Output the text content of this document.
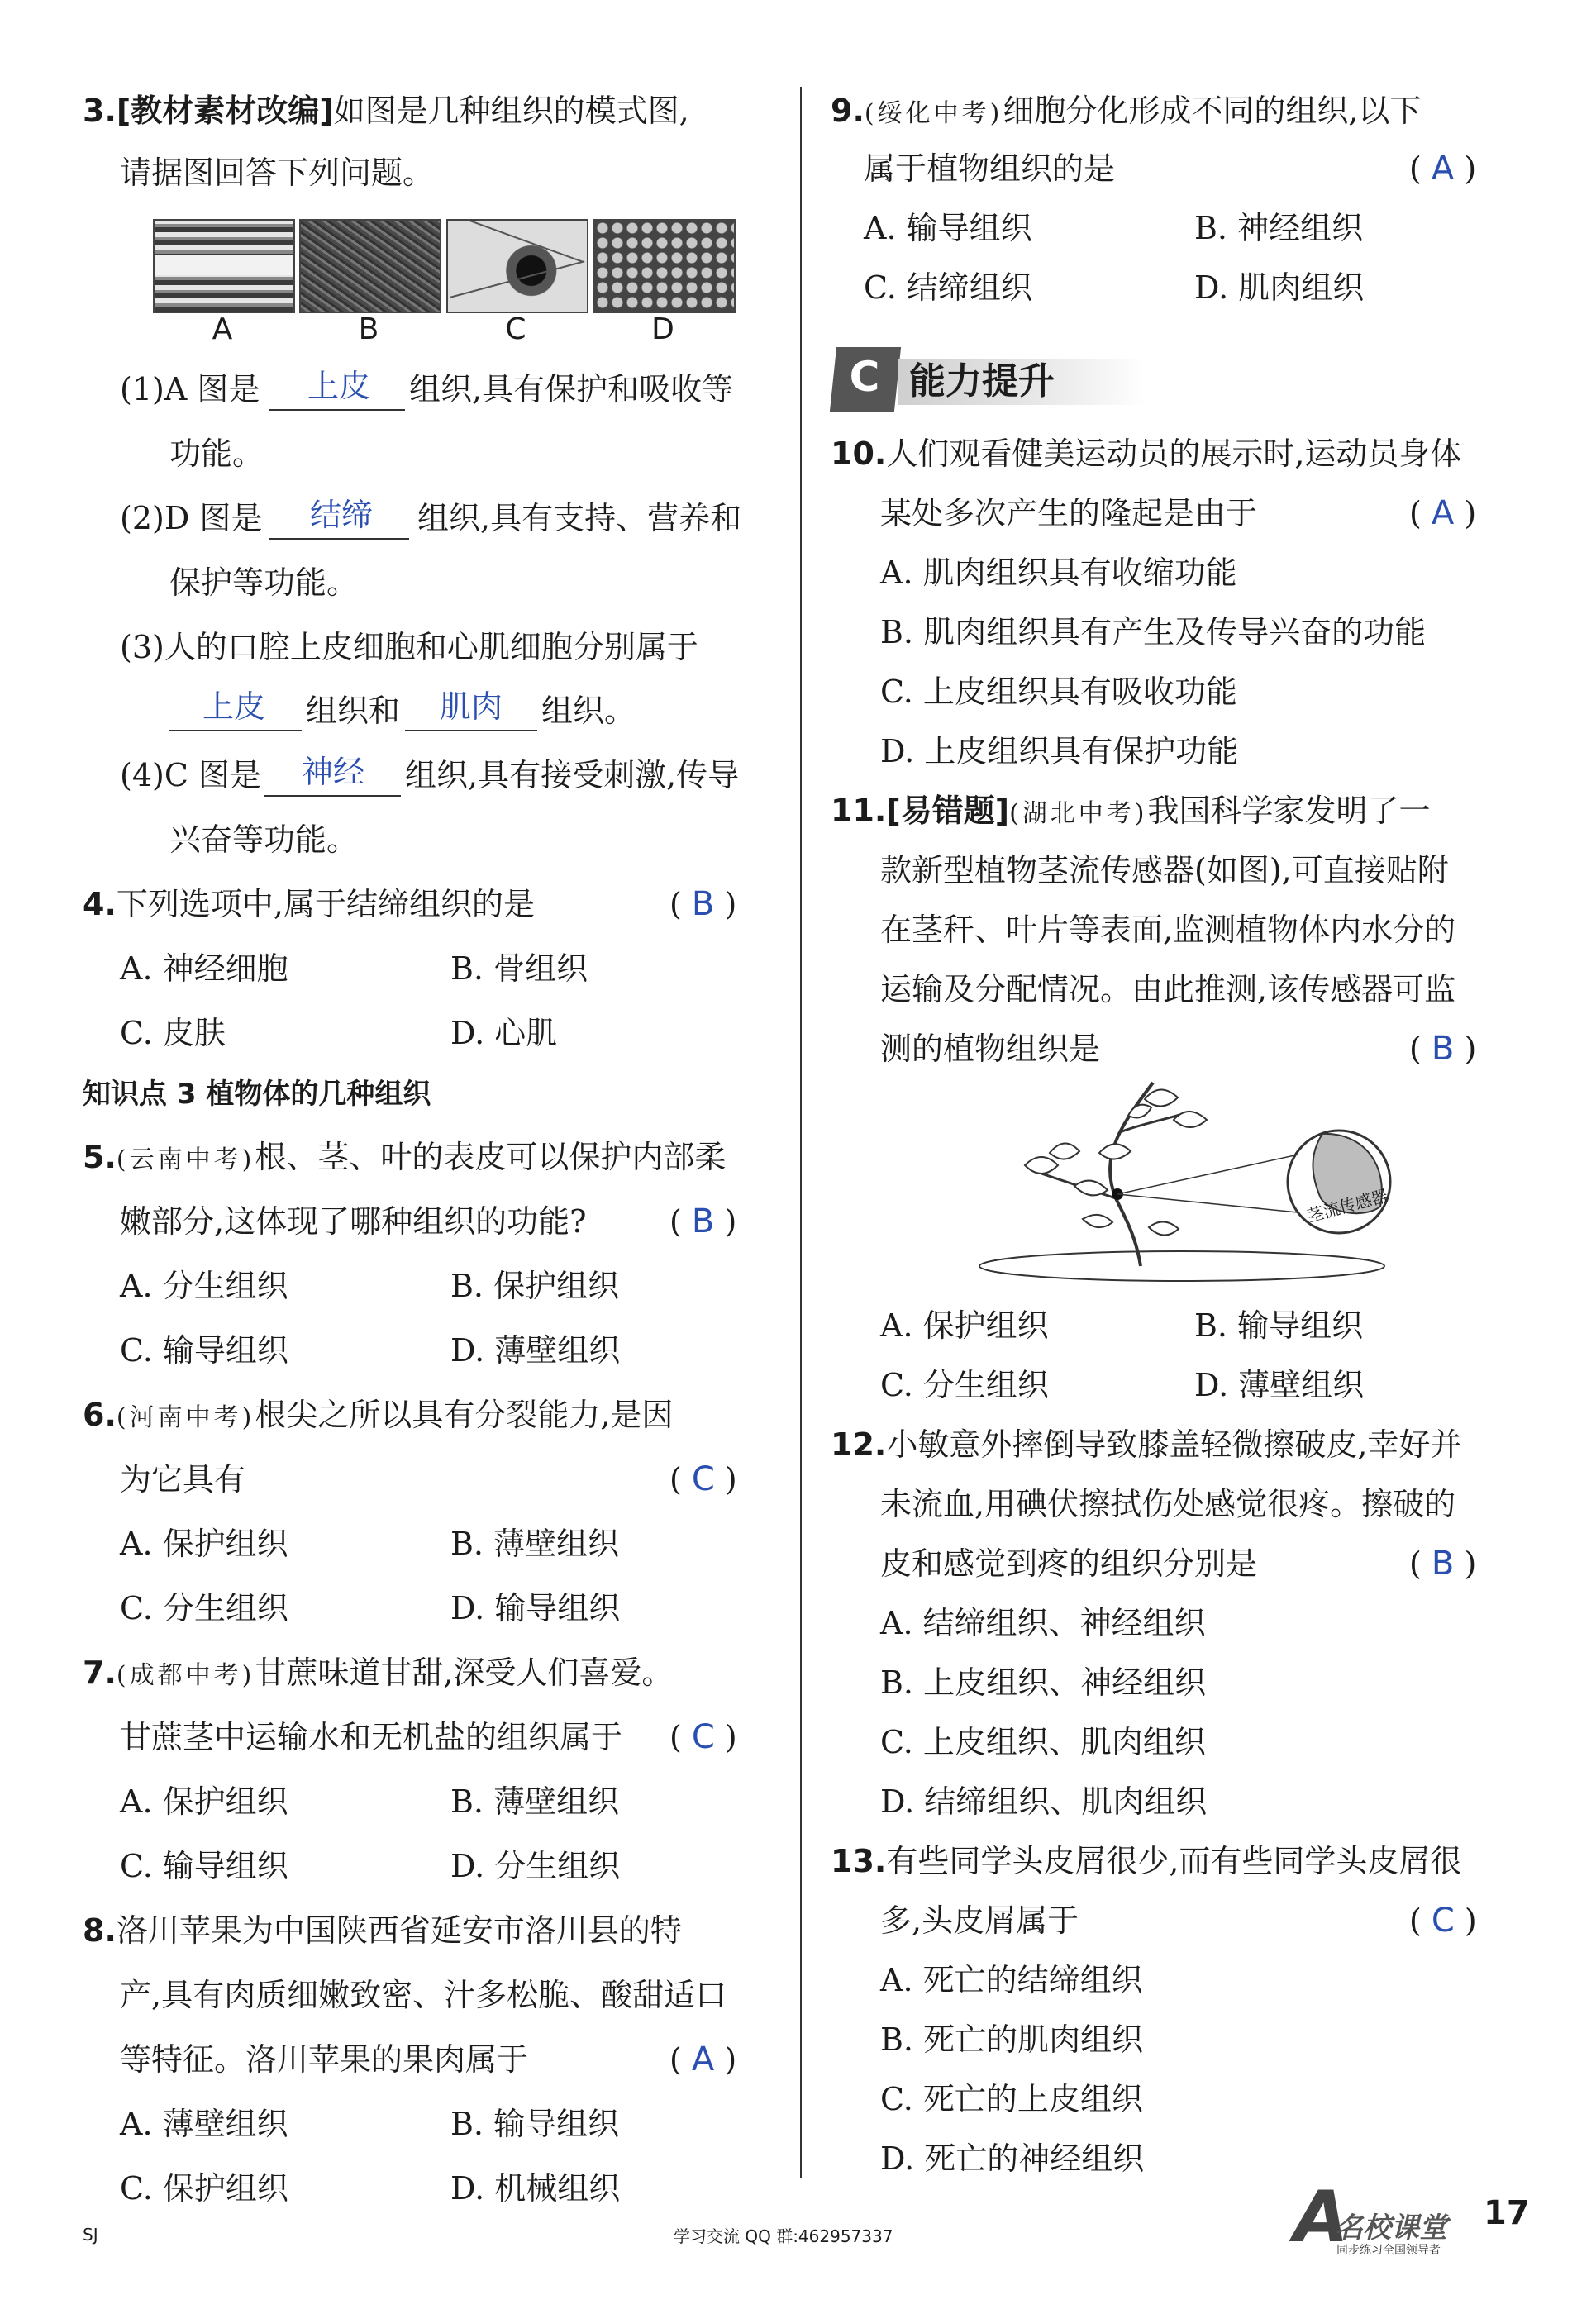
3.[教材素材改编]如图是几种组织的模式图,
请据图回答下列问题。
A	B	C	D
(1)A 图是 上皮 组织,具有保护和吸收等
功能。
(2)D 图是 结缔 组织,具有支持、营养和
保护等功能。
(3)人的口腔上皮细胞和心肌细胞分别属于
上皮 组织和 肌肉 组织。
(4)C 图是 神经 组织,具有接受刺激,传导
兴奋等功能。
4.下列选项中,属于结缔组织的是	( B )
A. 神经细胞	B. 骨组织
C. 皮肤	D. 心肌
知识点 3 植物体的几种组织
5.(云南中考)根、茎、叶的表皮可以保护内部柔
嫩部分,这体现了哪种组织的功能?	( B )
A. 分生组织	B. 保护组织
C. 输导组织	D. 薄壁组织
6.(河南中考)根尖之所以具有分裂能力,是因
为它具有	( C )
A. 保护组织	B. 薄壁组织
C. 分生组织	D. 输导组织
7.(成都中考)甘蔗味道甘甜,深受人们喜爱。
甘蔗茎中运输水和无机盐的组织属于 ( C )
A. 保护组织	B. 薄壁组织
C. 输导组织	D. 分生组织
8.洛川苹果为中国陕西省延安市洛川县的特
产,具有肉质细嫩致密、汁多松脆、酸甜适口
等特征。洛川苹果的果肉属于	( A )
A. 薄壁组织	B. 输导组织
C. 保护组织	D. 机械组织
9.(绥化中考)细胞分化形成不同的组织,以下
属于植物组织的是	( A )
A. 输导组织	B. 神经组织
C. 结缔组织	D. 肌肉组织
C 能力提升
10.人们观看健美运动员的展示时,运动员身体
某处多次产生的隆起是由于	( A )
A. 肌肉组织具有收缩功能
B. 肌肉组织具有产生及传导兴奋的功能
C. 上皮组织具有吸收功能
D. 上皮组织具有保护功能
11.[易错题](湖北中考)我国科学家发明了一
款新型植物茎流传感器(如图),可直接贴附
在茎秆、叶片等表面,监测植物体内水分的
运输及分配情况。由此推测,该传感器可监
测的植物组织是	( B )
茎流传感器
A. 保护组织	B. 输导组织
C. 分生组织	D. 薄壁组织
12.小敏意外摔倒导致膝盖轻微擦破皮,幸好并
未流血,用碘伏擦拭伤处感觉很疼。擦破的
皮和感觉到疼的组织分别是	( B )
A. 结缔组织、神经组织
B. 上皮组织、神经组织
C. 上皮组织、肌肉组织
D. 结缔组织、肌肉组织
13.有些同学头皮屑很少,而有些同学头皮屑很
多,头皮屑属于	( C )
A. 死亡的结缔组织
B. 死亡的肌肉组织
C. 死亡的上皮组织
D. 死亡的神经组织
SJ	学习交流 QQ 群:462957337	A
名校课堂
同步练习全国领导者
17
